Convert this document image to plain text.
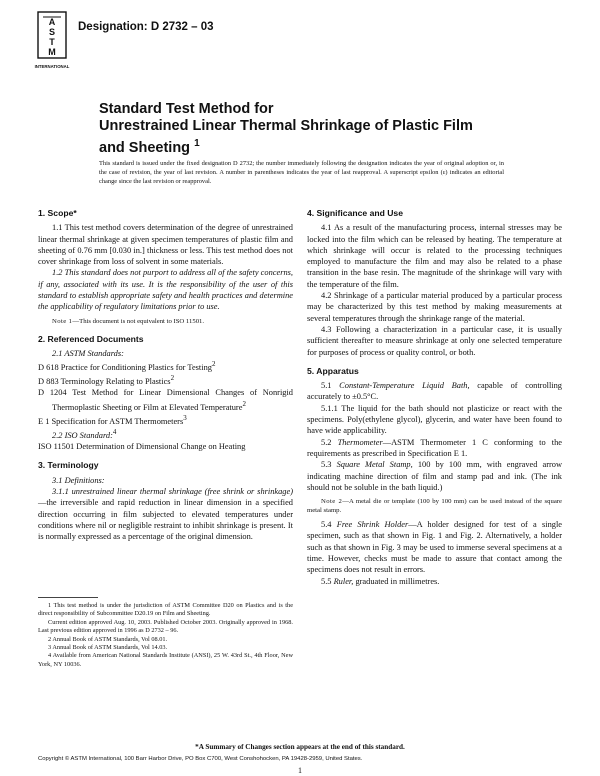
A
S
T
M
INTERNATIONAL
Designation: D 2732 – 03
Standard Test Method for
Unrestrained Linear Thermal Shrinkage of Plastic Film
and Sheeting $^1$
This standard is issued under the fixed designation D 2732; the number immediately following the designation indicates the year of original adoption or, in the case of revision, the year of last revision. A number in parentheses indicates the year of last reapproval. A superscript epsilon (ε) indicates an editorial change since the last revision or reapproval.
1. Scope*

1.1 This test method covers determination of the degree of unrestrained linear thermal shrinkage at given specimen temperatures of plastic film and sheeting of 0.76 mm [0.030 in.] thickness or less. This test method does not cover shrinkage from loss of solvent in some materials.

1.2 This standard does not purport to address all of the safety concerns, if any, associated with its use. It is the responsibility of the user of this standard to establish appropriate safety and health practices and determine the applicability of regulatory limitations prior to use.

Note 1—This document is not equivalent to ISO 11501.

2. Referenced Documents

2.1 ASTM Standards:

D 618 Practice for Conditioning Plastics for Testing$^2$

D 883 Terminology Relating to Plastics$^2$

D 1204 Test Method for Linear Dimensional Changes of Nonrigid Thermoplastic Sheeting or Film at Elevated Temperature$^2$

E 1 Specification for ASTM Thermometers$^3$

2.2 ISO Standard:$^4$

ISO 11501 Determination of Dimensional Change on Heating

3. Terminology

3.1 Definitions:

3.1.1 unrestrained linear thermal shrinkage (free shrink or shrinkage)—the irreversible and rapid reduction in linear dimension in a specified direction occurring in film subjected to elevated temperatures under conditions where nil or negligible restraint to inhibit shrinkage is present. It is normally expressed as a percentage of the original dimension.

1 This test method is under the jurisdiction of ASTM Committee D20 on Plastics and is the direct responsibility of Subcommittee D20.19 on Film and Sheeting.

Current edition approved Aug. 10, 2003. Published October 2003. Originally approved in 1968. Last previous edition approved in 1996 as D 2732 – 96.

2 Annual Book of ASTM Standards, Vol 08.01.

3 Annual Book of ASTM Standards, Vol 14.03.

4 Available from American National Standards Institute (ANSI), 25 W. 43rd St., 4th Floor, New York, NY 10036.

4. Significance and Use

4.1 As a result of the manufacturing process, internal stresses may be locked into the film which can be released by heating. The temperature at which shrinkage will occur is related to the processing techniques employed to manufacture the film and may also be related to a phase transition in the base resin. The magnitude of the shrinkage will vary with the temperature of the film.

4.2 Shrinkage of a particular material produced by a particular process may be characterized by this test method by making measurements at several temperatures through the shrinkage range of the material.

4.3 Following a characterization in a particular case, it is usually sufficient thereafter to measure shrinkage at only one selected temperature for purposes of process or quality control, or both.

5. Apparatus

5.1 Constant-Temperature Liquid Bath, capable of controlling accurately to ±0.5°C.

5.1.1 The liquid for the bath should not plasticize or react with the specimens. Poly(ethylene glycol), glycerin, and water have been found to have wide applicability.

5.2 Thermometer—ASTM Thermometer 1 C conforming to the requirements as prescribed in Specification E 1.

5.3 Square Metal Stamp, 100 by 100 mm, with engraved arrow indicating machine direction of film and stamp pad and ink. (The ink should not be soluble in the bath liquid.)

Note 2—A metal die or template (100 by 100 mm) can be used instead of the square metal stamp.

5.4 Free Shrink Holder—A holder designed for test of a single specimen, such as that shown in Fig. 1 and Fig. 2. Alternatively, a holder such as that shown in Fig. 3 may be used to immerse several specimens at a time. However, checks must be made to assure that contact among the specimens does not result in errors.

5.5 Ruler, graduated in millimetres.

*A Summary of Changes section appears at the end of this standard.
Copyright © ASTM International, 100 Barr Harbor Drive, PO Box C700, West Conshohocken, PA 19428-2959, United States.
1
